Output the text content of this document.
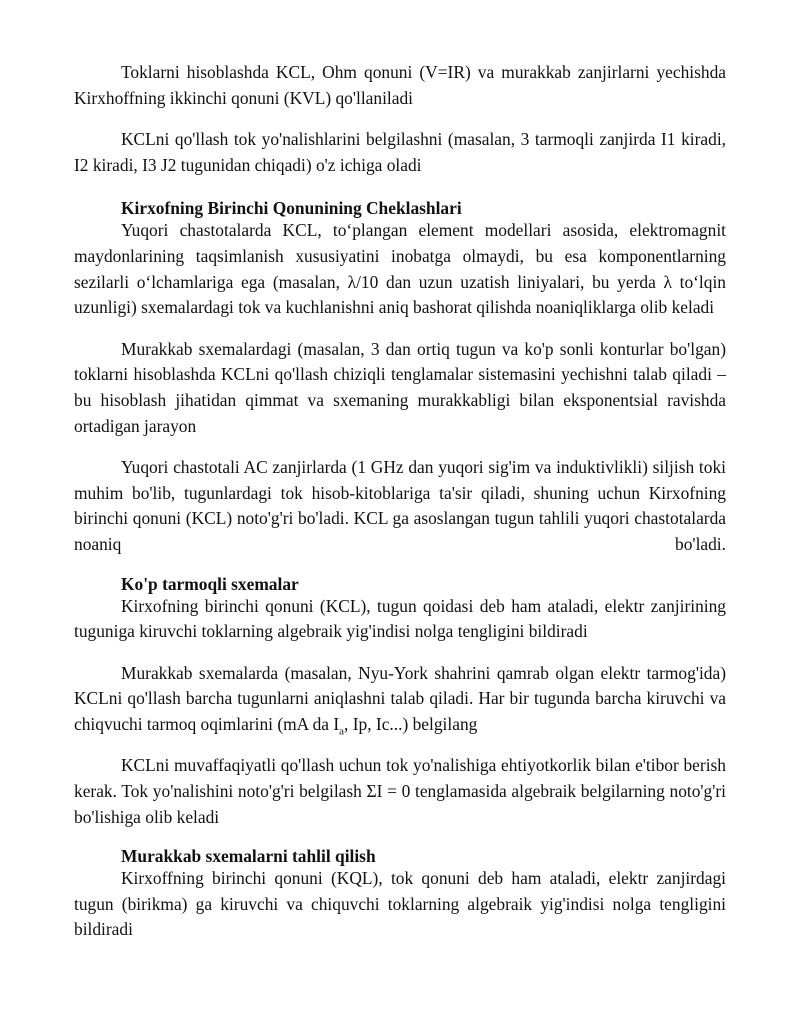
Toklarni hisoblashda KCL, Ohm qonuni (V=IR) va murakkab zanjirlarni yechishda Kirxhoffning ikkinchi qonuni (KVL) qo'llaniladi

KCLni qo'llash tok yo'nalishlarini belgilashni (masalan, 3 tarmoqli zanjirda I1 kiradi, I2 kiradi, I3 J2 tugunidan chiqadi) o'z ichiga oladi

Kirxofning Birinchi Qonunining Cheklashlari

Yuqori chastotalarda KCL, to‘plangan element modellari asosida, elektromagnit maydonlarining taqsimlanish xususiyatini inobatga olmaydi, bu esa komponentlarning sezilarli o‘lchamlariga ega (masalan, λ/10 dan uzun uzatish liniyalari, bu yerda λ to‘lqin uzunligi) sxemalardagi tok va kuchlanishni aniq bashorat qilishda noaniqliklarga olib keladi

Murakkab sxemalardagi (masalan, 3 dan ortiq tugun va ko'p sonli konturlar bo'lgan) toklarni hisoblashda KCLni qo'llash chiziqli tenglamalar sistemasini yechishni talab qiladi – bu hisoblash jihatidan qimmat va sxemaning murakkabligi bilan eksponentsial ravishda ortadigan jarayon

Yuqori chastotali AC zanjirlarda (1 GHz dan yuqori sig'im va induktivlikli) siljish toki muhim bo'lib, tugunlardagi tok hisob-kitoblariga ta'sir qiladi, shuning uchun Kirxofning birinchi qonuni (KCL) noto'g'ri bo'ladi. KCL ga asoslangan tugun tahlili yuqori chastotalarda noaniq bo'ladi.

Ko'p tarmoqli sxemalar

Kirxofning birinchi qonuni (KCL), tugun qoidasi deb ham ataladi, elektr zanjirining tuguniga kiruvchi toklarning algebraik yig'indisi nolga tengligini bildiradi

Murakkab sxemalarda (masalan, Nyu-York shahrini qamrab olgan elektr tarmog'ida) KCLni qo'llash barcha tugunlarni aniqlashni talab qiladi. Har bir tugunda barcha kiruvchi va chiqvuchi tarmoq oqimlarini (mA da $I_a$, Iр, Ic...) belgilang

KCLni muvaffaqiyatli qo'llash uchun tok yo'nalishiga ehtiyotkorlik bilan e'tibor berish kerak. Tok yo'nalishini noto'g'ri belgilash ΣI = 0 tenglamasida algebraik belgilarning noto'g'ri bo'lishiga olib keladi

Murakkab sxemalarni tahlil qilish

Kirxoffning birinchi qonuni (KQL), tok qonuni deb ham ataladi, elektr zanjirdagi tugun (birikma) ga kiruvchi va chiquvchi toklarning algebraik yig'indisi nolga tengligini bildiradi
